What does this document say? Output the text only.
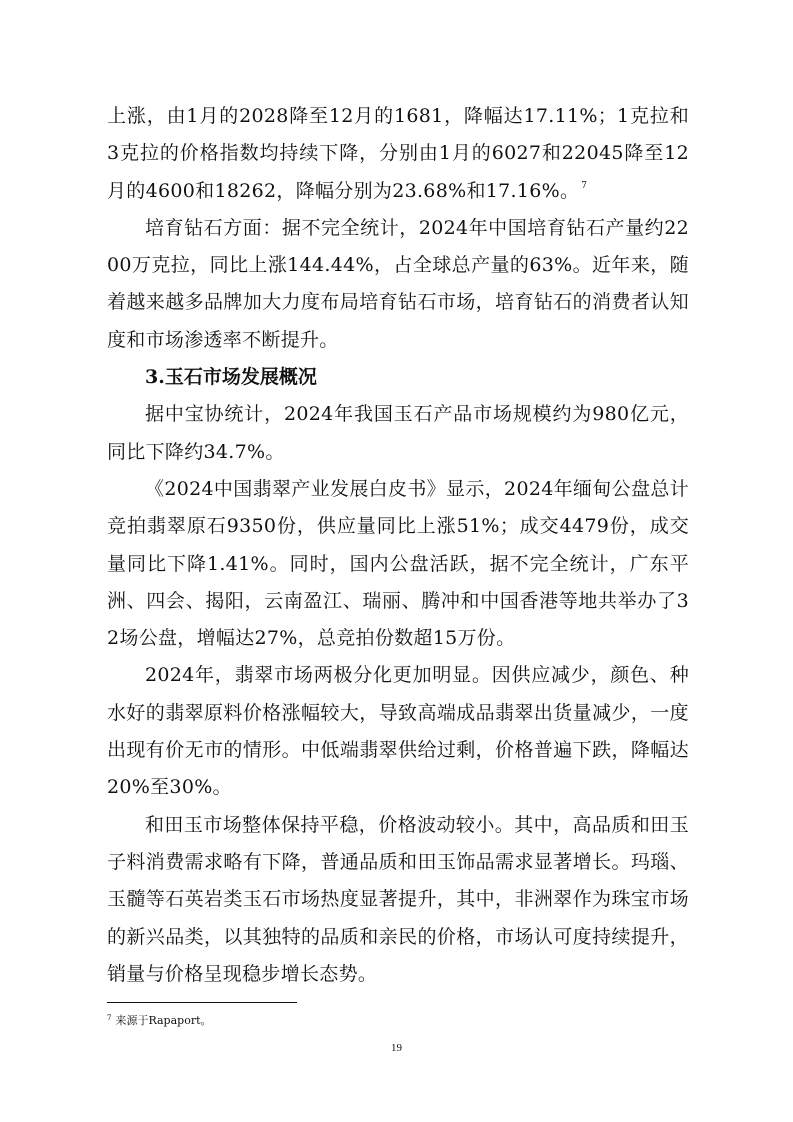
上涨，由1月的2028降至12月的1681，降幅达17.11%；1克拉和3克拉的价格指数均持续下降，分别由1月的6027和22045降至12月的4600和18262，降幅分别为23.68%和17.16%。 $^7$

培育钻石方面：据不完全统计，2024年中国培育钻石产量约2200万克拉，同比上涨144.44%，占全球总产量的63%。近年来，随着越来越多品牌加大力度布局培育钻石市场，培育钻石的消费者认知度和市场渗透率不断提升。

3.玉石市场发展概况

据中宝协统计，2024年我国玉石产品市场规模约为980亿元，同比下降约34.7%。

《2024中国翡翠产业发展白皮书》显示，2024年缅甸公盘总计竞拍翡翠原石9350份，供应量同比上涨51%；成交4479份，成交量同比下降1.41%。同时，国内公盘活跃，据不完全统计，广东平洲、四会、揭阳，云南盈江、瑞丽、腾冲和中国香港等地共举办了32场公盘，增幅达27%，总竞拍份数超15万份。

2024年，翡翠市场两极分化更加明显。因供应减少，颜色、种水好的翡翠原料价格涨幅较大，导致高端成品翡翠出货量减少，一度出现有价无市的情形。中低端翡翠供给过剩，价格普遍下跌，降幅达20%至30%。

和田玉市场整体保持平稳，价格波动较小。其中，高品质和田玉子料消费需求略有下降，普通品质和田玉饰品需求显著增长。玛瑙、玉髓等石英岩类玉石市场热度显著提升，其中，非洲翠作为珠宝市场的新兴品类，以其独特的品质和亲民的价格，市场认可度持续提升，销量与价格呈现稳步增长态势。

$^7$ 来源于Rapaport。
19
